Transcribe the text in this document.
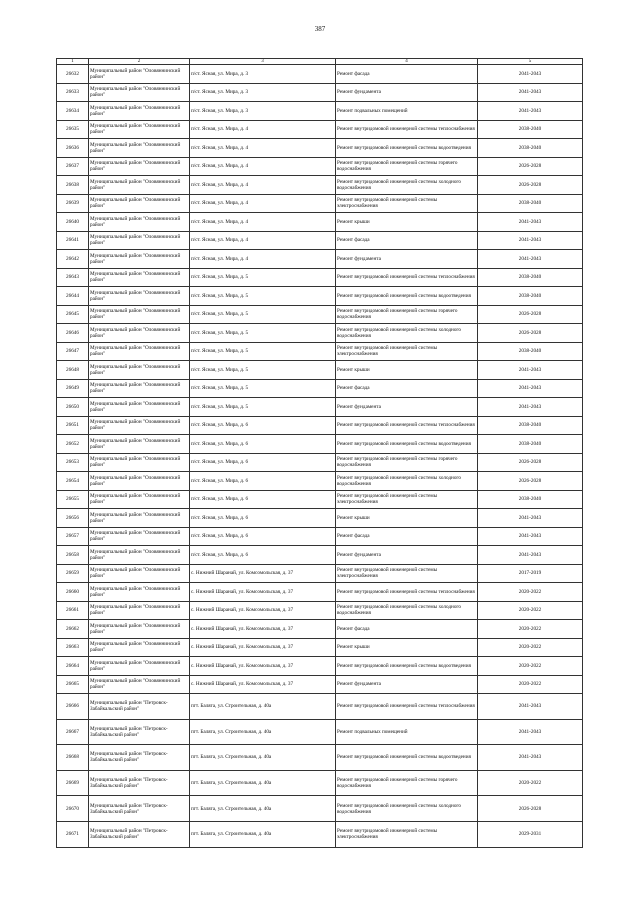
387
1	2	3	4	5
26632	Муниципальный район "Оловяннинский район"	п/ст. Ясная, ул. Мира, д. 3	Ремонт фасада	2041-2043
26633	Муниципальный район "Оловяннинский район"	п/ст. Ясная, ул. Мира, д. 3	Ремонт фундамента	2041-2043
26634	Муниципальный район "Оловяннинский район"	п/ст. Ясная, ул. Мира, д. 3	Ремонт подвальных помещений	2041-2043
26635	Муниципальный район "Оловяннинский район"	п/ст. Ясная, ул. Мира, д. 4	Ремонт внутридомовой инженерной системы теплоснабжения	2038-2040
26636	Муниципальный район "Оловяннинский район"	п/ст. Ясная, ул. Мира, д. 4	Ремонт внутридомовой инженерной системы водоотведения	2038-2040
26637	Муниципальный район "Оловяннинский район"	п/ст. Ясная, ул. Мира, д. 4	Ремонт внутридомовой инженерной системы горячего водоснабжения	2026-2028
26638	Муниципальный район "Оловяннинский район"	п/ст. Ясная, ул. Мира, д. 4	Ремонт внутридомовой инженерной системы холодного водоснабжения	2026-2028
26639	Муниципальный район "Оловяннинский район"	п/ст. Ясная, ул. Мира, д. 4	Ремонт внутридомовой инженерной системы электроснабжения	2038-2040
26640	Муниципальный район "Оловяннинский район"	п/ст. Ясная, ул. Мира, д. 4	Ремонт крыши	2041-2043
26641	Муниципальный район "Оловяннинский район"	п/ст. Ясная, ул. Мира, д. 4	Ремонт фасада	2041-2043
26642	Муниципальный район "Оловяннинский район"	п/ст. Ясная, ул. Мира, д. 4	Ремонт фундамента	2041-2043
26643	Муниципальный район "Оловяннинский район"	п/ст. Ясная, ул. Мира, д. 5	Ремонт внутридомовой инженерной системы теплоснабжения	2038-2040
26644	Муниципальный район "Оловяннинский район"	п/ст. Ясная, ул. Мира, д. 5	Ремонт внутридомовой инженерной системы водоотведения	2038-2040
26645	Муниципальный район "Оловяннинский район"	п/ст. Ясная, ул. Мира, д. 5	Ремонт внутридомовой инженерной системы горячего водоснабжения	2026-2028
26646	Муниципальный район "Оловяннинский район"	п/ст. Ясная, ул. Мира, д. 5	Ремонт внутридомовой инженерной системы холодного водоснабжения	2026-2028
26647	Муниципальный район "Оловяннинский район"	п/ст. Ясная, ул. Мира, д. 5	Ремонт внутридомовой инженерной системы электроснабжения	2038-2040
26648	Муниципальный район "Оловяннинский район"	п/ст. Ясная, ул. Мира, д. 5	Ремонт крыши	2041-2043
26649	Муниципальный район "Оловяннинский район"	п/ст. Ясная, ул. Мира, д. 5	Ремонт фасада	2041-2043
26650	Муниципальный район "Оловяннинский район"	п/ст. Ясная, ул. Мира, д. 5	Ремонт фундамента	2041-2043
26651	Муниципальный район "Оловяннинский район"	п/ст. Ясная, ул. Мира, д. 6	Ремонт внутридомовой инженерной системы теплоснабжения	2038-2040
26652	Муниципальный район "Оловяннинский район"	п/ст. Ясная, ул. Мира, д. 6	Ремонт внутридомовой инженерной системы водоотведения	2038-2040
26653	Муниципальный район "Оловяннинский район"	п/ст. Ясная, ул. Мира, д. 6	Ремонт внутридомовой инженерной системы горячего водоснабжения	2026-2028
26654	Муниципальный район "Оловяннинский район"	п/ст. Ясная, ул. Мира, д. 6	Ремонт внутридомовой инженерной системы холодного водоснабжения	2026-2028
26655	Муниципальный район "Оловяннинский район"	п/ст. Ясная, ул. Мира, д. 6	Ремонт внутридомовой инженерной системы электроснабжения	2038-2040
26656	Муниципальный район "Оловяннинский район"	п/ст. Ясная, ул. Мира, д. 6	Ремонт крыши	2041-2043
26657	Муниципальный район "Оловяннинский район"	п/ст. Ясная, ул. Мира, д. 6	Ремонт фасада	2041-2043
26658	Муниципальный район "Оловяннинский район"	п/ст. Ясная, ул. Мира, д. 6	Ремонт фундамента	2041-2043
26659	Муниципальный район "Оловяннинский район"	с. Нижний Шаранай, ул. Комсомольская, д. 37	Ремонт внутридомовой инженерной системы электроснабжения	2017-2019
26660	Муниципальный район "Оловяннинский район"	с. Нижний Шаранай, ул. Комсомольская, д. 37	Ремонт внутридомовой инженерной системы теплоснабжения	2020-2022
26661	Муниципальный район "Оловяннинский район"	с. Нижний Шаранай, ул. Комсомольская, д. 37	Ремонт внутридомовой инженерной системы холодного водоснабжения	2020-2022
26662	Муниципальный район "Оловяннинский район"	с. Нижний Шаранай, ул. Комсомольская, д. 37	Ремонт фасада	2020-2022
26663	Муниципальный район "Оловяннинский район"	с. Нижний Шаранай, ул. Комсомольская, д. 37	Ремонт крыши	2020-2022
26664	Муниципальный район "Оловяннинский район"	с. Нижний Шаранай, ул. Комсомольская, д. 37	Ремонт внутридомовой инженерной системы водоотведения	2020-2022
26665	Муниципальный район "Оловяннинский район"	с. Нижний Шаранай, ул. Комсомольская, д. 37	Ремонт фундамента	2020-2022
26666	Муниципальный район "Петровск-Забайкальский район"	пгт. Балягa, ул. Строительная, д. 40а	Ремонт внутридомовой инженерной системы теплоснабжения	2041-2043
26667	Муниципальный район "Петровск-Забайкальский район"	пгт. Балягa, ул. Строительная, д. 40а	Ремонт подвальных помещений	2041-2043
26668	Муниципальный район "Петровск-Забайкальский район"	пгт. Балягa, ул. Строительная, д. 40а	Ремонт внутридомовой инженерной системы водоотведения	2041-2043
26669	Муниципальный район "Петровск-Забайкальский район"	пгт. Балягa, ул. Строительная, д. 40а	Ремонт внутридомовой инженерной системы горячего водоснабжения	2020-2022
26670	Муниципальный район "Петровск-Забайкальский район"	пгт. Балягa, ул. Строительная, д. 40а	Ремонт внутридомовой инженерной системы холодного водоснабжения	2026-2028
26671	Муниципальный район "Петровск-Забайкальский район"	пгт. Балягa, ул. Строительная, д. 40а	Ремонт внутридомовой инженерной системы электроснабжения	2029-2031
